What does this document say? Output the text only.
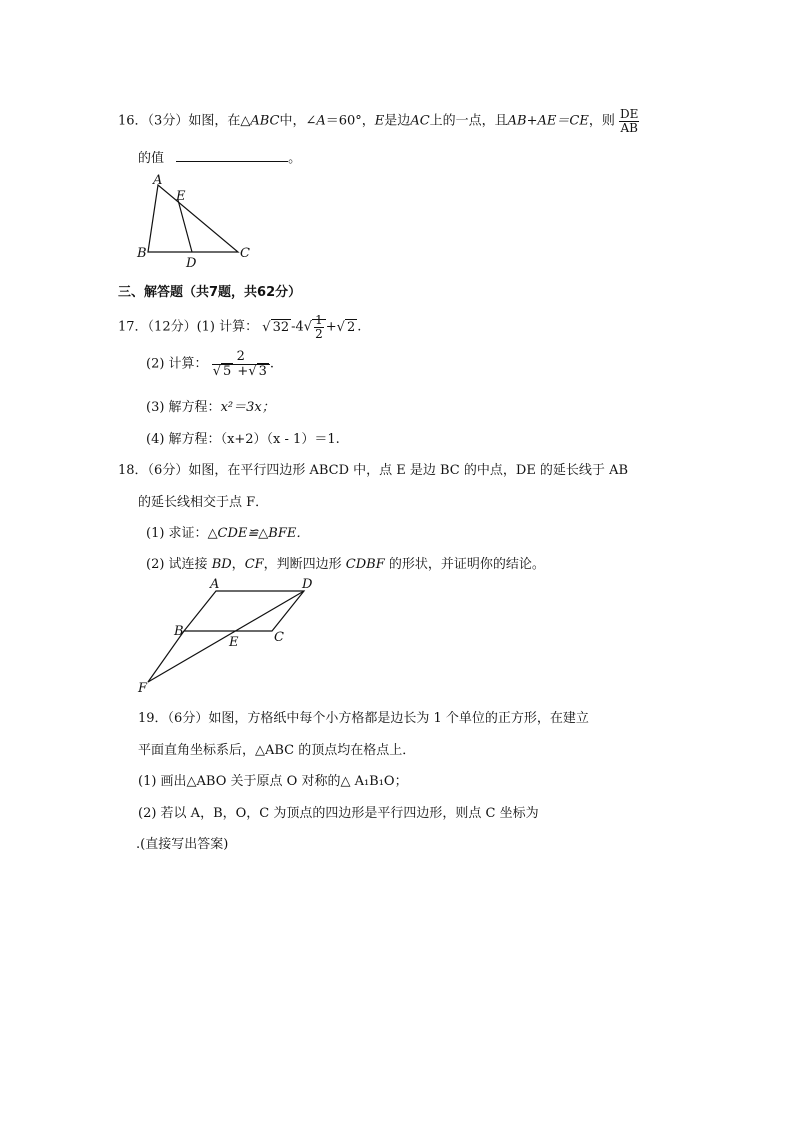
16．（3分）如图，在△ABC中，∠A＝60°，E是边AC上的一点，且AB+AE＝CE，则 $\frac{DE}{AB}$
的值	。
A
E
B
D
C
三、解答题（共7题，共62分）
17．（12分）(1) 计算： √ 32 $-4√ \frac{1}{2}$ +√ 2 .
(2) 计算： $\frac{2}{√ 5 +√ 3}$ .
(3) 解方程：x²＝3x；
(4) 解方程：（x+2）（x - 1）＝1.
18．（6分）如图，在平行四边形 ABCD 中，点 E 是边 BC 的中点，DE 的延长线于 AB
的延长线相交于点 F．
(1) 求证：△CDE≌△BFE．
(2) 试连接 BD，CF，判断四边形 CDBF 的形状，并证明你的结论。
A	D
B
E	C
F
19．（6分）如图，方格纸中每个小方格都是边长为 1 个单位的正方形，在建立
平面直角坐标系后，△ABC 的顶点均在格点上．
(1) 画出△ABO 关于原点 O 对称的△ A₁B₁O；
(2) 若以 A，B，O，C 为顶点的四边形是平行四边形，则点 C 坐标为
.(直接写出答案)
